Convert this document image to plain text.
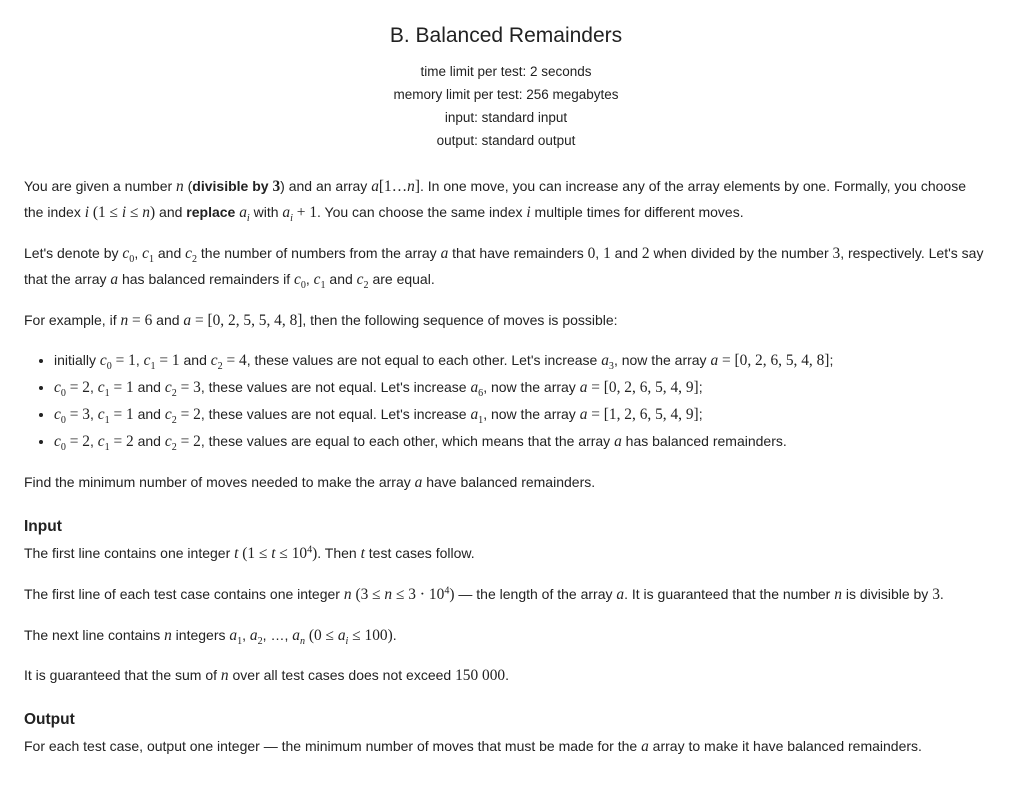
B. Balanced Remainders
time limit per test: 2 seconds
memory limit per test: 256 megabytes
input: standard input
output: standard output

You are given a number n (divisible by 3) and an array a[1…n]. In one move, you can increase any of the array elements by one. Formally, you choose the index i (1 ≤ i ≤ n) and replace $a_i$ with $a_i + 1$. You can choose the same index i multiple times for different moves.

Let's denote by $c_0$, $c_1$ and $c_2$ the number of numbers from the array a that have remainders 0, 1 and 2 when divided by the number 3, respectively. Let's say that the array a has balanced remainders if $c_0$, $c_1$ and $c_2$ are equal.

For example, if n = 6 and a = [0, 2, 5, 5, 4, 8], then the following sequence of moves is possible:

• initially $c_0 = 1$, $c_1 = 1$ and $c_2 = 4$, these values are not equal to each other. Let's increase $a_3$, now the array a = [0, 2, 6, 5, 4, 8];
• $c_0 = 2$, $c_1 = 1$ and $c_2 = 3$, these values are not equal. Let's increase $a_6$, now the array a = [0, 2, 6, 5, 4, 9];
• $c_0 = 3$, $c_1 = 1$ and $c_2 = 2$, these values are not equal. Let's increase $a_1$, now the array a = [1, 2, 6, 5, 4, 9];
• $c_0 = 2$, $c_1 = 2$ and $c_2 = 2$, these values are equal to each other, which means that the array a has balanced remainders.

Find the minimum number of moves needed to make the array a have balanced remainders.

Input

The first line contains one integer t $(1 \le t \le 10^4)$. Then t test cases follow.

The first line of each test case contains one integer n $(3 \le n \le 3 \cdot 10^4)$ — the length of the array a. It is guaranteed that the number n is divisible by 3.

The next line contains n integers $a_1$, $a_2$, …, $a_n$ $(0 \le a_i \le 100)$.

It is guaranteed that the sum of n over all test cases does not exceed 150 000.

Output

For each test case, output one integer — the minimum number of moves that must be made for the a array to make it have balanced remainders.
